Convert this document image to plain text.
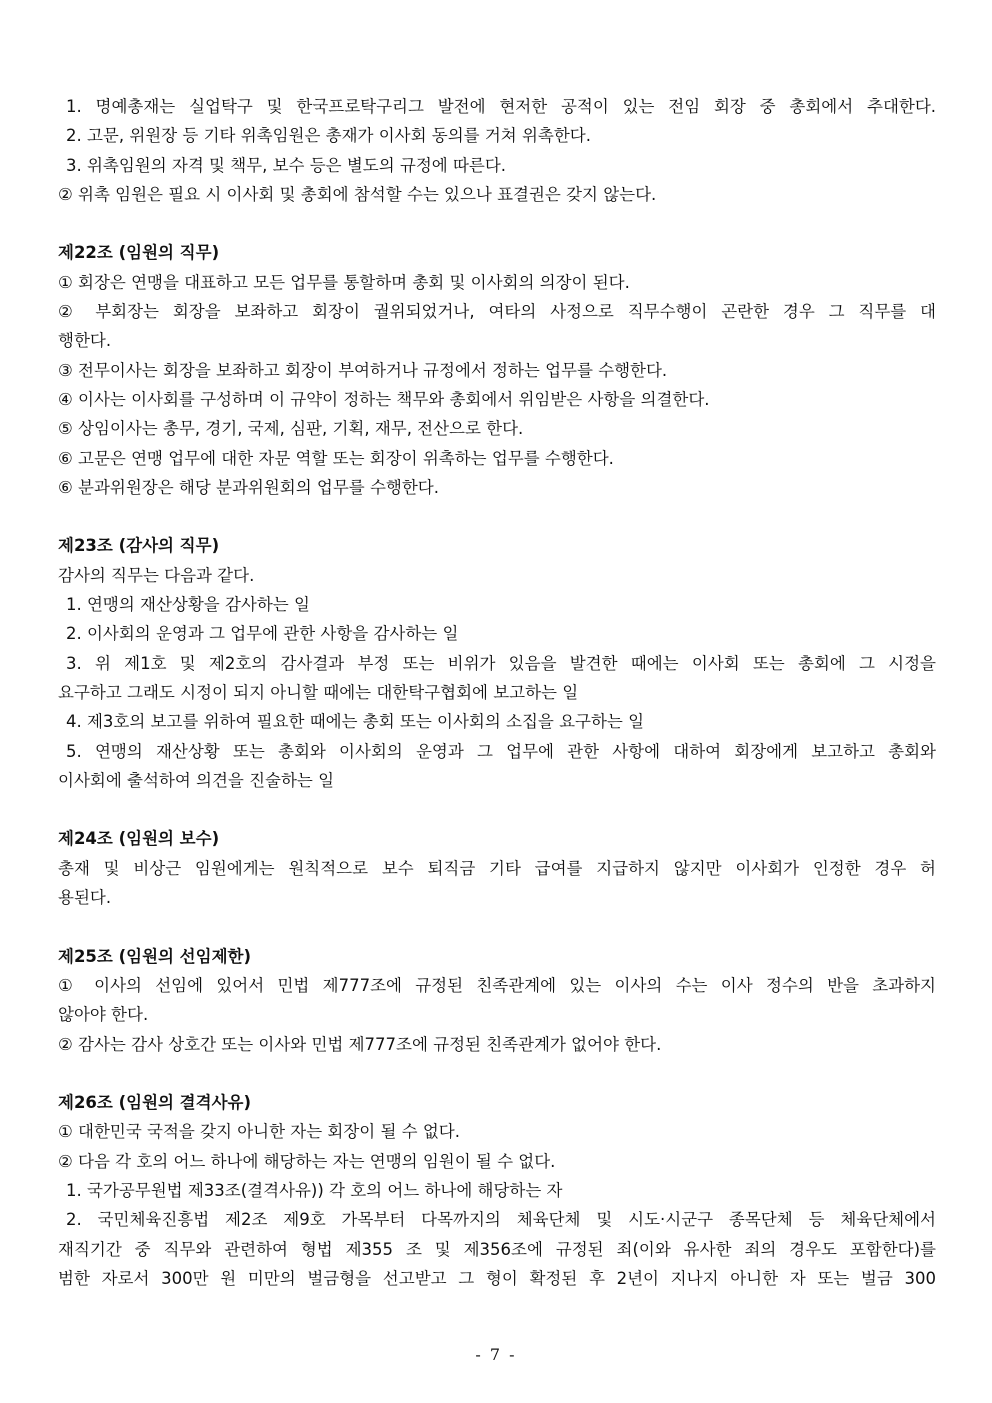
1. 명예총재는 실업탁구 및 한국프로탁구리그 발전에 현저한 공적이 있는 전임 회장 중 총회에서 추대한다.
2. 고문, 위원장 등 기타 위촉임원은 총재가 이사회 동의를 거쳐 위촉한다.
3. 위촉임원의 자격 및 책무, 보수 등은 별도의 규정에 따른다.
② 위촉 임원은 필요 시 이사회 및 총회에 참석할 수는 있으나 표결권은 갖지 않는다.
제22조 (임원의 직무)
① 회장은 연맹을 대표하고 모든 업무를 통할하며 총회 및 이사회의 의장이 된다.
② 부회장는 회장을 보좌하고 회장이 궐위되었거나, 여타의 사정으로 직무수행이 곤란한 경우 그 직무를 대
행한다.
③ 전무이사는 회장을 보좌하고 회장이 부여하거나 규정에서 정하는 업무를 수행한다.
④ 이사는 이사회를 구성하며 이 규약이 정하는 책무와 총회에서 위임받은 사항을 의결한다.
⑤ 상임이사는 총무, 경기, 국제, 심판, 기획, 재무, 전산으로 한다.
⑥ 고문은 연맹 업무에 대한 자문 역할 또는 회장이 위촉하는 업무를 수행한다.
⑥ 분과위원장은 해당 분과위원회의 업무를 수행한다.
제23조 (감사의 직무)
감사의 직무는 다음과 같다.
1. 연맹의 재산상황을 감사하는 일
2. 이사회의 운영과 그 업무에 관한 사항을 감사하는 일
3. 위 제1호 및 제2호의 감사결과 부정 또는 비위가 있음을 발견한 때에는 이사회 또는 총회에 그 시정을
요구하고 그래도 시정이 되지 아니할 때에는 대한탁구협회에 보고하는 일
4. 제3호의 보고를 위하여 필요한 때에는 총회 또는 이사회의 소집을 요구하는 일
5. 연맹의 재산상황 또는 총회와 이사회의 운영과 그 업무에 관한 사항에 대하여 회장에게 보고하고 총회와
이사회에 출석하여 의견을 진술하는 일
제24조 (임원의 보수)
총재 및 비상근 임원에게는 원칙적으로 보수 퇴직금 기타 급여를 지급하지 않지만 이사회가 인정한 경우 허
용된다.
제25조 (임원의 선임제한)
① 이사의 선임에 있어서 민법 제777조에 규정된 친족관계에 있는 이사의 수는 이사 정수의 반을 초과하지
않아야 한다.
② 감사는 감사 상호간 또는 이사와 민법 제777조에 규정된 친족관계가 없어야 한다.
제26조 (임원의 결격사유)
① 대한민국 국적을 갖지 아니한 자는 회장이 될 수 없다.
② 다음 각 호의 어느 하나에 해당하는 자는 연맹의 임원이 될 수 없다.
1. 국가공무원법 제33조(결격사유)) 각 호의 어느 하나에 해당하는 자
2. 국민체육진흥법 제2조 제9호 가목부터 다목까지의 체육단체 및 시도·시군구 종목단체 등 체육단체에서
재직기간 중 직무와 관련하여 형법 제355 조 및 제356조에 규정된 죄(이와 유사한 죄의 경우도 포함한다)를
범한 자로서 300만 원 미만의 벌금형을 선고받고 그 형이 확정된 후 2년이 지나지 아니한 자 또는 벌금 300
- 7 -
